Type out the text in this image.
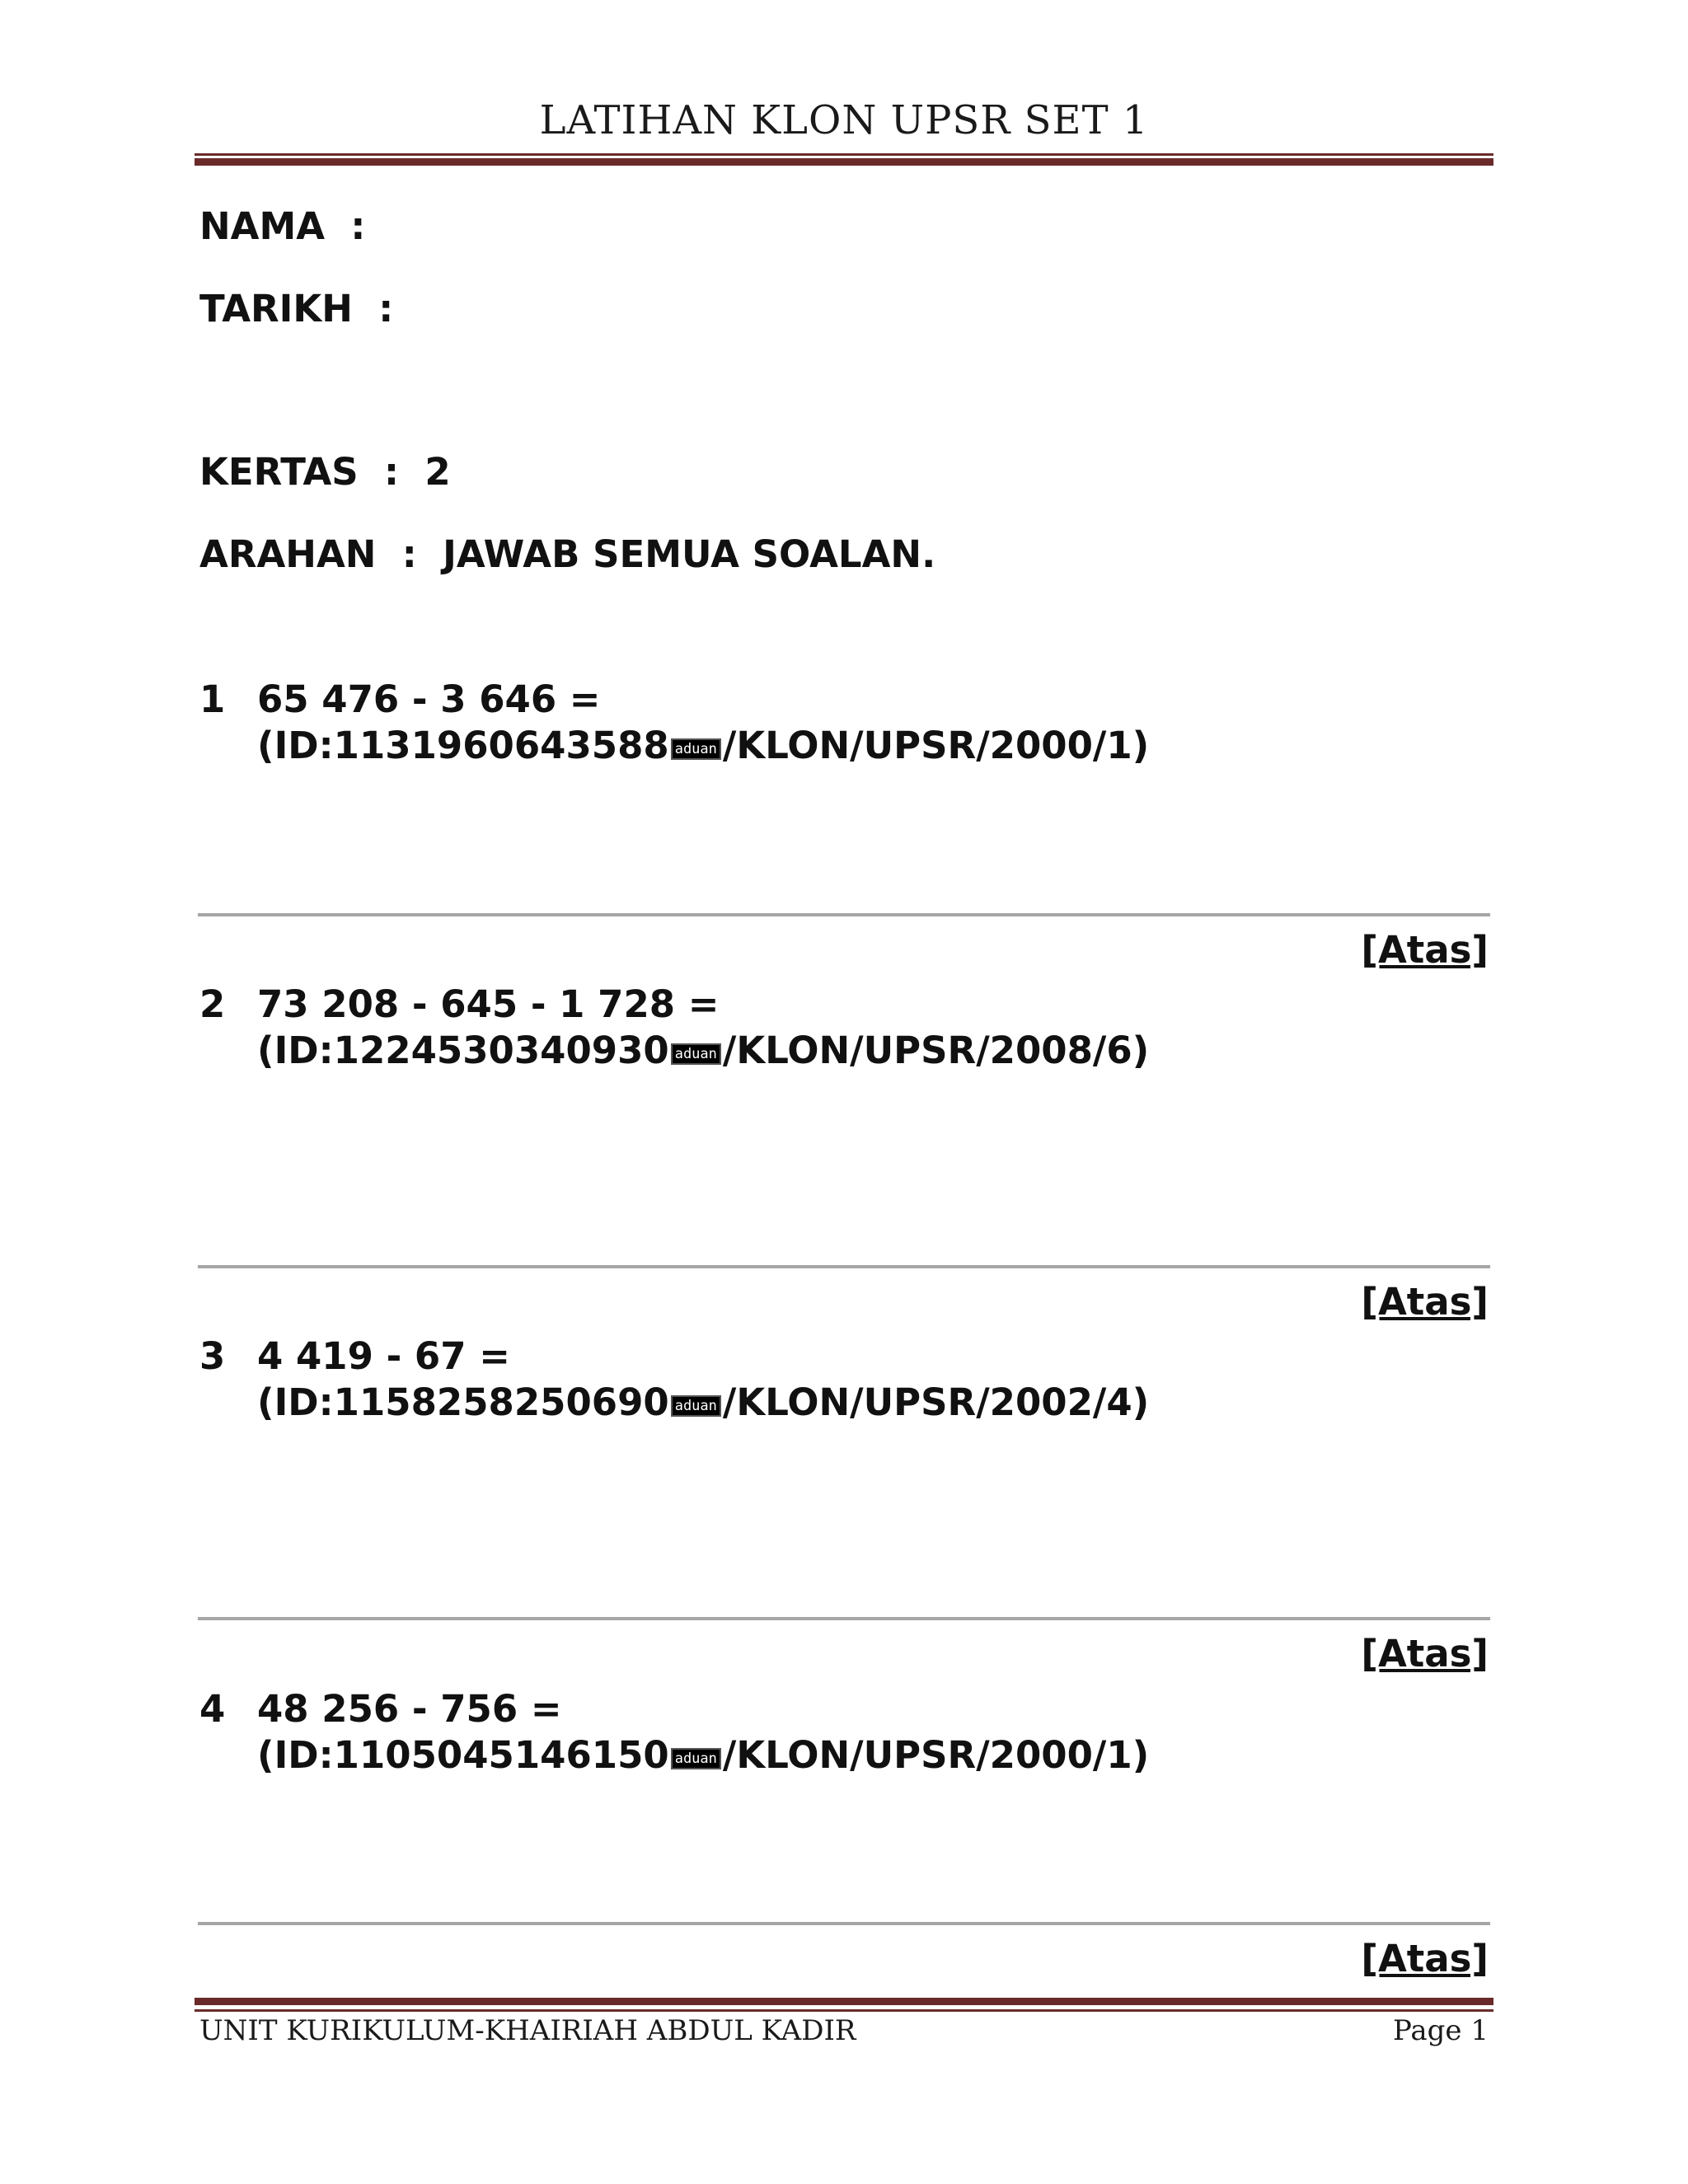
LATIHAN KLON UPSR SET 1
NAMA  :
TARIKH  :
KERTAS  :  2
ARAHAN  :  JAWAB SEMUA SOALAN.
1 65 476 - 3 646 =
(ID:1131960643588 aduan /KLON/UPSR/2000/1)
[Atas]
2 73 208 - 645 - 1 728 =
(ID:1224530340930 aduan /KLON/UPSR/2008/6)
[Atas]
3 4 419 - 67 =
(ID:1158258250690 aduan /KLON/UPSR/2002/4)
[Atas]
4 48 256 - 756 =
(ID:1105045146150 aduan /KLON/UPSR/2000/1)
[Atas]
UNIT KURIKULUM-KHAIRIAH ABDUL KADIR	Page 1
